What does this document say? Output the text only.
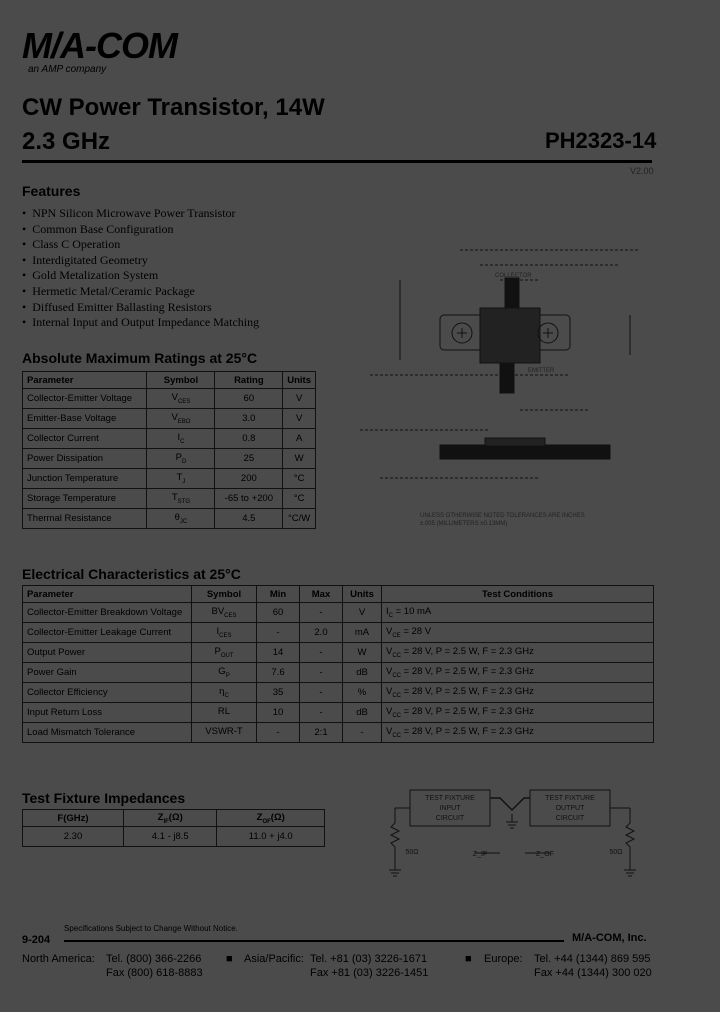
M/A-COM
an AMP company
CW Power Transistor, 14W
2.3 GHz	PH2323-14
V2.00
Features
• NPN Silicon Microwave Power Transistor
• Common Base Configuration
• Class C Operation
• Interdigitated Geometry
• Gold Metalization System
• Hermetic Metal/Ceramic Package
• Diffused Emitter Ballasting Resistors
• Internal Input and Output Impedance Matching
COLLECTOR
EMITTER
UNLESS OTHERWISE NOTED TOLERANCES ARE INCHES ±.005 (MILLIMETERS ±0.13MM)
Absolute Maximum Ratings at 25°C
Parameter	Symbol	Rating	Units
Collector-Emitter Voltage	$V_{CES}$	60	V
Emitter-Base Voltage	$V_{EBO}$	3.0	V
Collector Current	$I_C$	0.8	A
Power Dissipation	$P_D$	25	W
Junction Temperature	$T_J$	200	°C
Storage Temperature	$T_{STG}$	-65 to +200	°C
Thermal Resistance	$\theta_{JC}$	4.5	°C/W
Electrical Characteristics at 25°C
Parameter	Symbol	Min	Max	Units	Test Conditions
Collector-Emitter Breakdown Voltage	$BV_{CES}$	60	-	V	$I_C = 10$ mA
Collector-Emitter Leakage Current	$I_{CES}$	-	2.0	mA	$V_{CE} = 28$ V
Output Power	$P_{OUT}$	14	-	W	$V_{CC} = 28$ V, P = 2.5 W, F = 2.3 GHz
Power Gain	$G_P$	7.6	-	dB	$V_{CC} = 28$ V, P = 2.5 W, F = 2.3 GHz
Collector Efficiency	$\eta_C$	35	-	%	$V_{CC} = 28$ V, P = 2.5 W, F = 2.3 GHz
Input Return Loss	RL	10	-	dB	$V_{CC} = 28$ V, P = 2.5 W, F = 2.3 GHz
Load Mismatch Tolerance	VSWR-T	-	2:1	-	$V_{CC} = 28$ V, P = 2.5 W, F = 2.3 GHz
Test Fixture Impedances
F(GHz)	$Z_{IF}(\Omega)$	$Z_{OF}(\Omega)$
2.30	4.1 - j8.5	11.0 + j4.0
TEST FIXTURE
INPUT
CIRCUIT
TEST FIXTURE
OUTPUT
CIRCUIT
50Ω	50Ω
Z_IF	Z_OF
Specifications Subject to Change Without Notice.
9-204	M/A-COM, Inc.
North America: Tel. (800) 366-2266
Fax (800) 618-8883
■ Asia/Pacific: Tel. +81 (03) 3226-1671
Fax +81 (03) 3226-1451
■ Europe: Tel. +44 (1344) 869 595
Fax +44 (1344) 300 020
